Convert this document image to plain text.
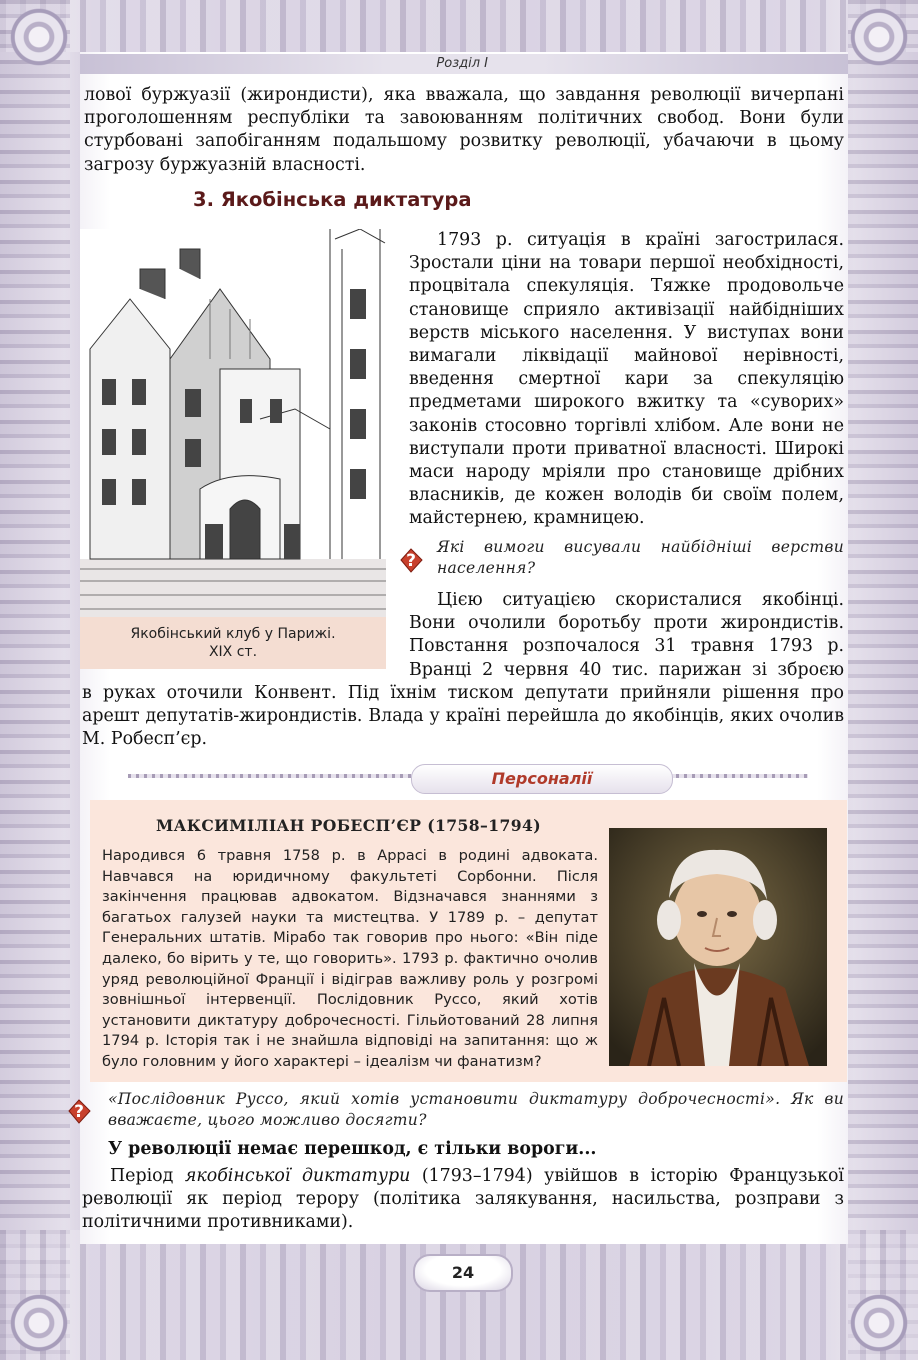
Розділ І

лової буржуазії (жирондисти), яка вважала, що завдання революції вичерпані проголошенням республіки та завоюванням політичних свобод. Вони були стурбовані запобіганням подальшому розвитку революції, убачаючи в цьому загрозу буржуазній власності.

3. Якобінська диктатура
Якобінський клуб у Парижі.
XIX ст.

1793 р. ситуація в країні загострилася. Зростали ціни на товари першої необхідності, процвітала спекуляція. Тяжке продовольче становище сприяло активізації найбідніших верств міського населення. У виступах вони вимагали ліквідації майнової нерівності, введення смертної кари за спекуляцію предметами широкого вжитку та «суворих» законів стосовно торгівлі хлібом. Але вони не виступали проти приватної власності. Широкі маси народу мріяли про становище дрібних власників, де кожен володів би своїм полем, майстернею, крамницею.

?
Які вимоги висували найбідніші верстви населення?

Цією ситуацією скористалися якобінці. Вони очолили боротьбу проти жирондистів. Повстання розпочалося 31 травня 1793 р. Вранці 2 червня 40 тис. парижан зі зброєю

в руках оточили Конвент. Під їхнім тиском депутати прийняли рішення про арешт депутатів-жирондистів. Влада у країні перейшла до якобінців, яких очолив М. Робесп’єр.

Персоналії
МАКСИМІЛІАН РОБЕСП’ЄР (1758–1794)
Народився 6 травня 1758 р. в Аррасі в родині адвоката. Навчався на юридичному факультеті Сорбонни. Після закінчення працював адвокатом. Відзначався знаннями з багатьох галузей науки та мистецтва. У 1789 р. – депутат Генеральних штатів. Мірабо так говорив про нього: «Він піде далеко, бо вірить у те, що говорить». 1793 р. фактично очолив уряд революційної Франції і відіграв важливу роль у розгромі зовнішньої інтервенції. Послідовник Руссо, який хотів установити диктатуру доброчесності. Гільйотований 28 липня 1794 р. Історія так і не знайшла відповіді на запитання: що ж було головним у його характері – ідеалізм чи фанатизм?
?
«Послідовник Руссо, який хотів установити диктатуру доброчесності». Як ви вважаєте, цього можливо досягти?
У революції немає перешкод, є тільки вороги...

Період якобінської диктатури (1793–1794) увійшов в історію Французької революції як період терору (політика залякування, насильства, розправи з політичними противниками).

24
